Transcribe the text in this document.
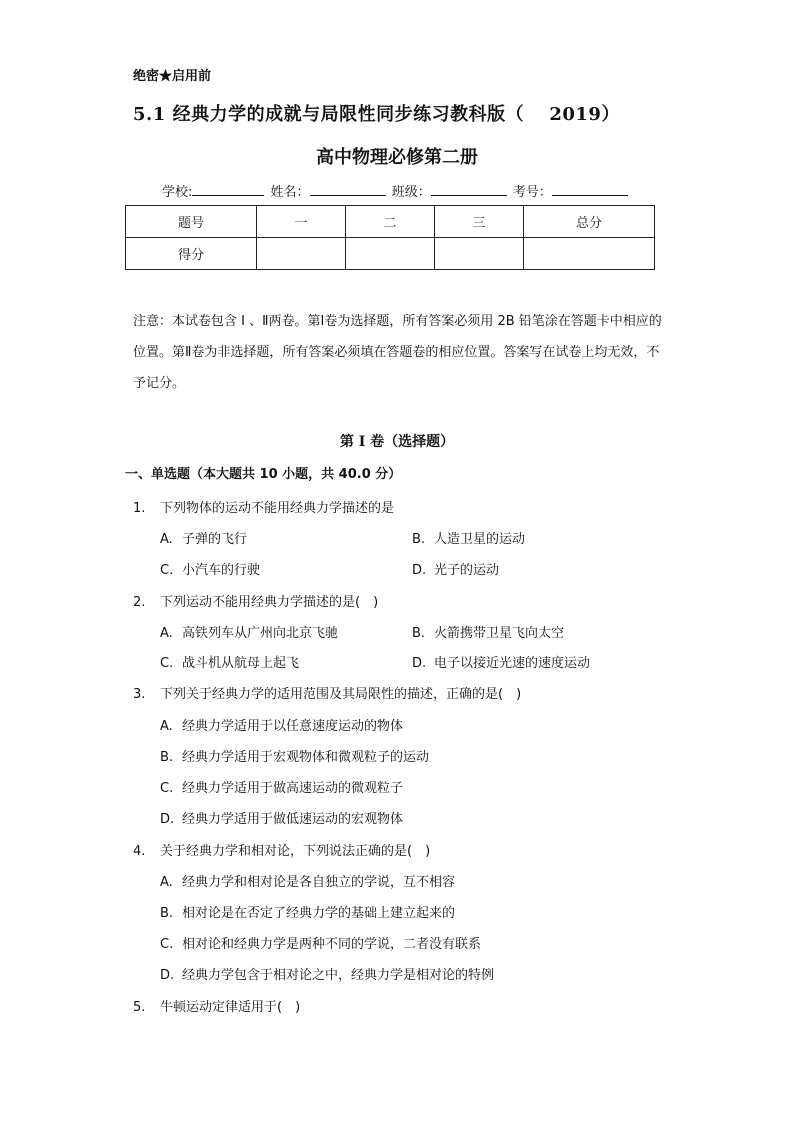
绝密★启用前
5.1 经典力学的成就与局限性同步练习教科版（　 2019）
高中物理必修第二册
学校:	姓名：	班级：	考号：
题号	一	二	三	总分
得分				
注意：本试卷包含 Ⅰ 、Ⅱ两卷。第Ⅰ卷为选择题，所有答案必须用 2B 铅笔涂在答题卡中相应的位置。第Ⅱ卷为非选择题，所有答案必须填在答题卷的相应位置。答案写在试卷上均无效，不予记分。
第 I 卷（选择题）
一、单选题（本大题共 10 小题，共 40.0 分）
1. 下列物体的运动不能用经典力学描述的是
A. 子弹的飞行	B. 人造卫星的运动
C. 小汽车的行驶	D. 光子的运动
2. 下列运动不能用经典力学描述的是(　)
A. 高铁列车从广州向北京飞驰	B. 火箭携带卫星飞向太空
C. 战斗机从航母上起飞	D. 电子以接近光速的速度运动
3. 下列关于经典力学的适用范围及其局限性的描述，正确的是(　)
A. 经典力学适用于以任意速度运动的物体
B. 经典力学适用于宏观物体和微观粒子的运动
C. 经典力学适用于做高速运动的微观粒子
D. 经典力学适用于做低速运动的宏观物体
4. 关于经典力学和相对论，下列说法正确的是(　)
A. 经典力学和相对论是各自独立的学说，互不相容
B. 相对论是在否定了经典力学的基础上建立起来的
C. 相对论和经典力学是两种不同的学说，二者没有联系
D. 经典力学包含于相对论之中，经典力学是相对论的特例
5. 牛顿运动定律适用于(　)
